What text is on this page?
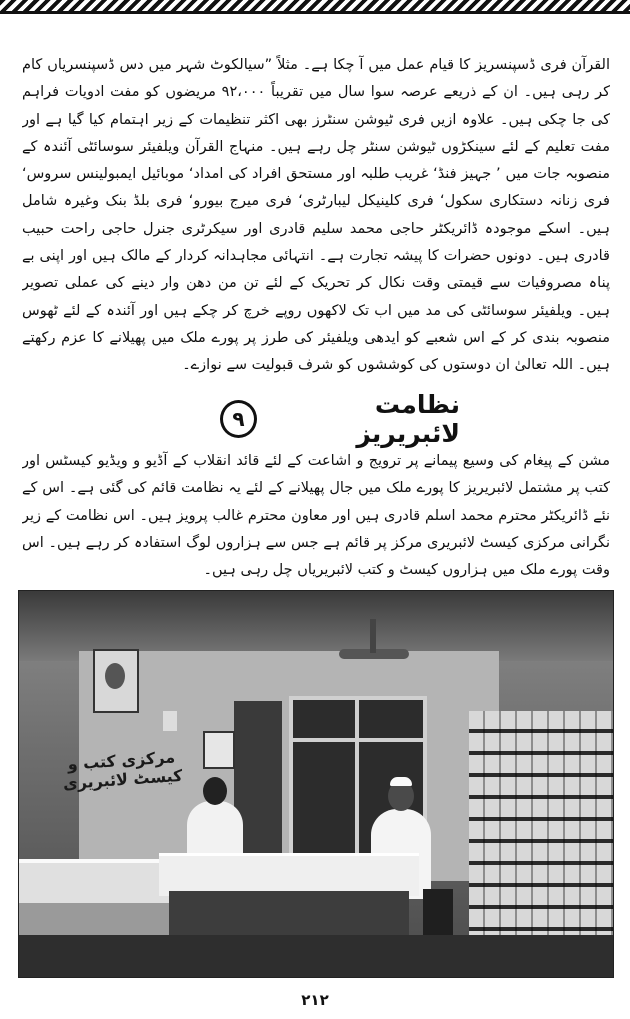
القرآن فری ڈسپنسریز کا قیام عمل میں آ چکا ہے۔ مثلاً ”سیالکوٹ شہر میں دس ڈسپنسریاں کام کر رہی ہیں۔ ان کے ذریعے عرصہ سوا سال میں تقریباً ۹۲،۰۰۰ مریضوں کو مفت ادویات فراہم کی جا چکی ہیں۔ علاوہ ازیں فری ٹیوشن سنٹرز بھی اکثر تنظیمات کے زیر اہتمام کیا گیا ہے اور مفت تعلیم کے لئے سینکڑوں ٹیوشن سنٹر چل رہے ہیں۔ منہاج القرآن ویلفیئر سوسائٹی آئندہ کے منصوبہ جات میں ’ جہیز فنڈ‘ غریب طلبہ اور مستحق افراد کی امداد‘ موبائیل ایمبولینس سروس‘ فری زنانہ دستکاری سکول‘ فری کلینیکل لیبارٹری‘ فری میرج بیورو‘ فری بلڈ بنک وغیرہ شامل ہیں۔ اسکے موجودہ ڈائریکٹر حاجی محمد سلیم قادری اور سیکرٹری جنرل حاجی راحت حبیب قادری ہیں۔ دونوں حضرات کا پیشہ تجارت ہے۔ انتہائی مجاہدانہ کردار کے مالک ہیں اور اپنی بے پناہ مصروفیات سے قیمتی وقت نکال کر تحریک کے لئے تن من دھن وار دینے کی عملی تصویر ہیں۔ ویلفیئر سوسائٹی کی مد میں اب تک لاکھوں روپے خرچ کر چکے ہیں اور آئندہ کے لئے ٹھوس منصوبہ بندی کر کے اس شعبے کو ایدھی ویلفیئر کی طرز پر پورے ملک میں پھیلانے کا عزم رکھتے ہیں۔ اللہ تعالیٰ ان دوستوں کی کوششوں کو شرف قبولیت سے نوازے۔
۹	نظامت لائبریریز
مشن کے پیغام کی وسیع پیمانے پر ترویج و اشاعت کے لئے قائد انقلاب کے آڈیو و ویڈیو کیسٹس اور کتب پر مشتمل لائبریریز کا پورے ملک میں جال پھیلانے کے لئے یہ نظامت قائم کی گئی ہے۔ اس کے نئے ڈائریکٹر محترم محمد اسلم قادری ہیں اور معاون محترم غالب پرویز ہیں۔ اس نظامت کے زیر نگرانی مرکزی کیسٹ لائبریری مرکز پر قائم ہے جس سے ہزاروں لوگ استفادہ کر رہے ہیں۔ اس وقت پورے ملک میں ہزاروں کیسٹ و کتب لائبریریاں چل رہی ہیں۔
مرکزی کتب و کیسٹ لائبریری
۲۱۲
